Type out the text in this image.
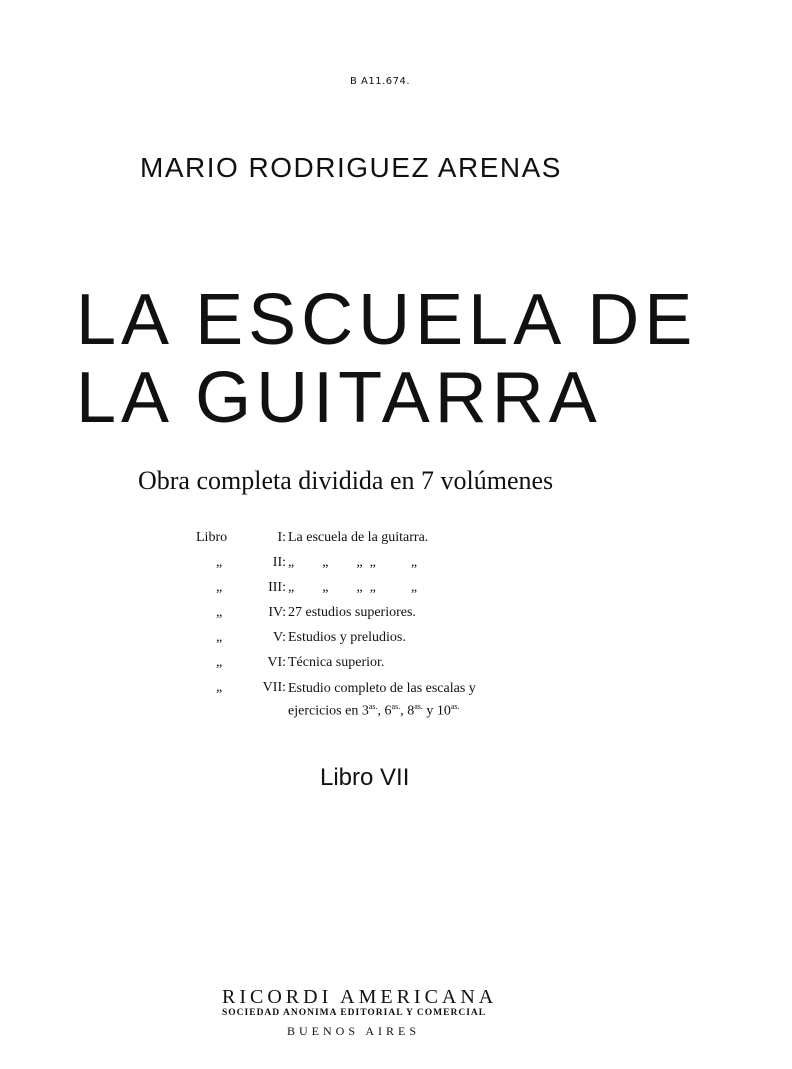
B A11.674.
MARIO RODRIGUEZ ARENAS
LA ESCUELA DE
LA GUITARRA
Obra completa dividida en 7 volúmenes
Libro	I: La escuela de la guitarra.
„	II: „        „        „  „          „
„	III: „        „        „  „          „
„	IV: 27 estudios superiores.
„	V: Estudios y preludios.
„	VI: Técnica superior.
„	VII: Estudio completo de las escalas y
ejercicios en $3^{as.}$, $6^{as.}$, $8^{as.}$ y $10^{as.}$
Libro VII
RICORDI AMERICANA
SOCIEDAD ANONIMA EDITORIAL Y COMERCIAL
BUENOS AIRES
